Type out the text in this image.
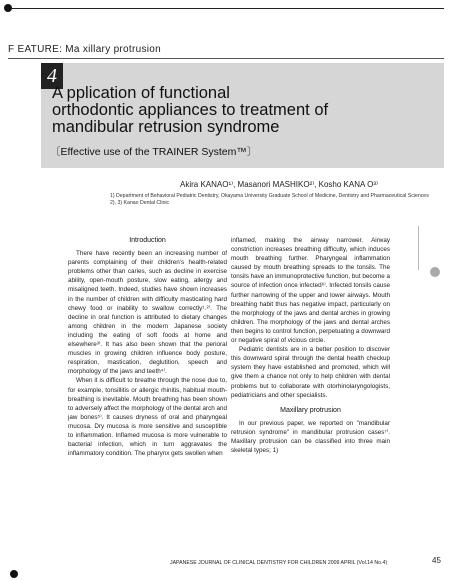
F EATURE: Ma xillary protrusion
4
A pplication of functional
orthodontic appliances to treatment of
mandibular retrusion syndrome
〔Effective use of the TRAINER System™〕
Akira KANAO¹⁾, Masanori MASHIKO²⁾, Kosho KANA O³⁾
1) Department of Behavioral Pediatric Dentistry, Okayama University Graduate School of Medicine, Dentistry and Pharmaceutical Sciences
2), 3) Kanao Dental Clinic
Introduction

There have recently been an increasing number of parents complaining of their children's health-related problems other than caries, such as decline in exercise ability, open-mouth posture, slow eating, allergy and misaligned teeth. Indeed, studies have shown increases in the number of children with difficulty masticating hard chewy food or inability to swallow correctly¹˒²⁾. The decline in oral function is attributed to dietary changes among children in the modern Japanese society including the eating of soft foods at home and elsewhere³⁾. It has also been shown that the perioral muscles in growing children influence body posture, respiration, mastication, deglutition, speech and morphology of the jaws and teeth⁴⁾.

When it is difficult to breathe through the nose due to, for example, tonsillitis or allergic rhinitis, habitual mouth-breathing is inevitable. Mouth breathing has been shown to adversely affect the morphology of the dental arch and jaw bones⁵⁾. It causes dryness of oral and pharyngeal mucosa. Dry mucosa is more sensitive and susceptible to inflammation. Inflamed mucosa is more vulnerable to bacterial infection, which in turn aggravates the inflammatory condition. The pharynx gets swollen when

inflamed, making the airway narrower. Airway constriction increases breathing difficulty, which induces mouth breathing further. Pharyngeal inflammation caused by mouth breathing spreads to the tonsils. The tonsils have an immunoprotective function, but become a source of infection once infected⁶⁾. Infected tonsils cause further narrowing of the upper and lower airways. Mouth breathing habit thus has negative impact, particularly on the morphology of the jaws and dental arches in growing children. The morphology of the jaws and dental arches then begins to control function, perpetuating a downward or negative spiral of vicious circle.

Pediatric dentists are in a better position to discover this downward spiral through the dental health checkup system they have established and promoted, which will give them a chance not only to help children with dental problems but to collaborate with otorhinolaryngologists, pediatricians and other specialists.

Maxillary protrusion

In our previous paper, we reported on "mandibular retrusion syndrome" in mandibular protrusion cases⁷⁾. Maxillary protrusion can be classified into three main skeletal types; 1)

JAPANESE JOURNAL OF CLINICAL DENTISTRY FOR CHILDREN 2009 APRIL (Vol.14 No.4)	45
